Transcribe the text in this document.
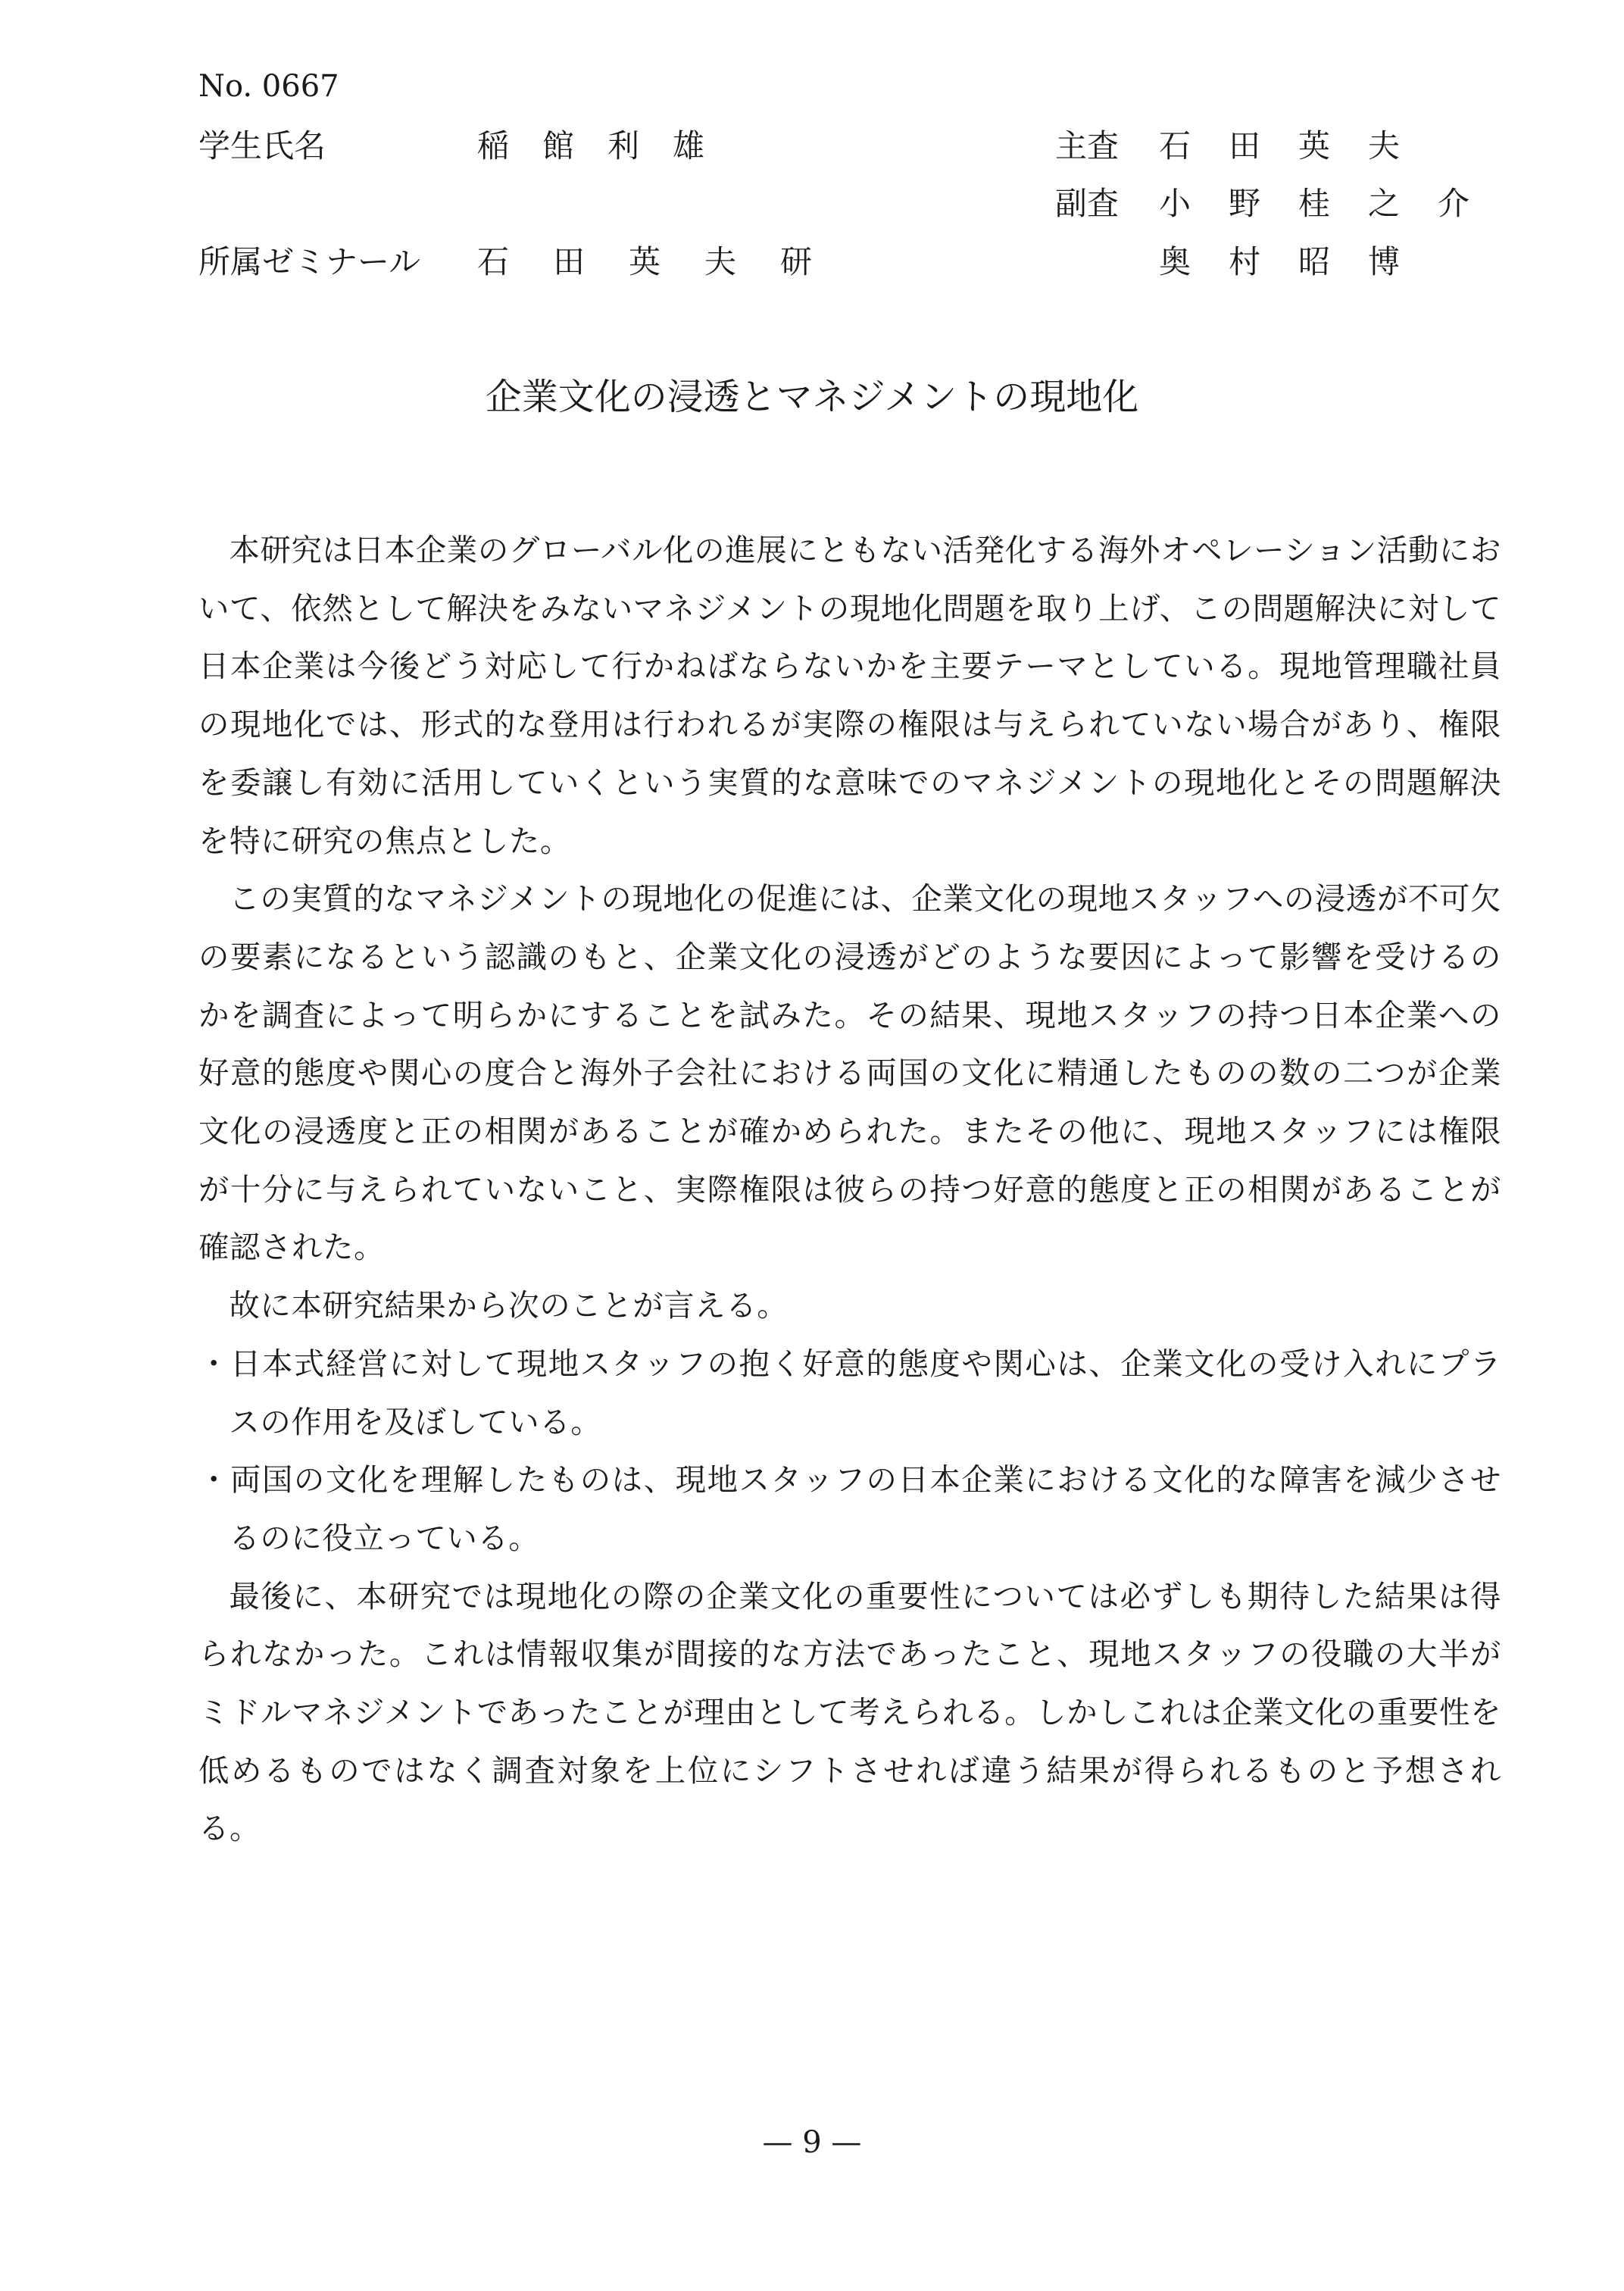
No. 0667
学生氏名	稲館利雄
所属ゼミナール 石田英夫研
主査 石田英夫
副査 小野桂之介
奥村昭博
企業文化の浸透とマネジメントの現地化

本研究は日本企業のグローバル化の進展にともない活発化する海外オペレーション活動において、依然として解決をみないマネジメントの現地化問題を取り上げ、この問題解決に対して日本企業は今後どう対応して行かねばならないかを主要テーマとしている。現地管理職社員の現地化では、形式的な登用は行われるが実際の権限は与えられていない場合があり、権限を委譲し有効に活用していくという実質的な意味でのマネジメントの現地化とその問題解決を特に研究の焦点とした。

この実質的なマネジメントの現地化の促進には、企業文化の現地スタッフへの浸透が不可欠の要素になるという認識のもと、企業文化の浸透がどのような要因によって影響を受けるのかを調査によって明らかにすることを試みた。その結果、現地スタッフの持つ日本企業への好意的態度や関心の度合と海外子会社における両国の文化に精通したものの数の二つが企業文化の浸透度と正の相関があることが確かめられた。またその他に、現地スタッフには権限が十分に与えられていないこと、実際権限は彼らの持つ好意的態度と正の相関があることが確認された。

故に本研究結果から次のことが言える。

・日本式経営に対して現地スタッフの抱く好意的態度や関心は、企業文化の受け入れにプラスの作用を及ぼしている。
・両国の文化を理解したものは、現地スタッフの日本企業における文化的な障害を減少させるのに役立っている。

最後に、本研究では現地化の際の企業文化の重要性については必ずしも期待した結果は得られなかった。これは情報収集が間接的な方法であったこと、現地スタッフの役職の大半がミドルマネジメントであったことが理由として考えられる。しかしこれは企業文化の重要性を低めるものではなく調査対象を上位にシフトさせれば違う結果が得られるものと予想される。

— 9 —
